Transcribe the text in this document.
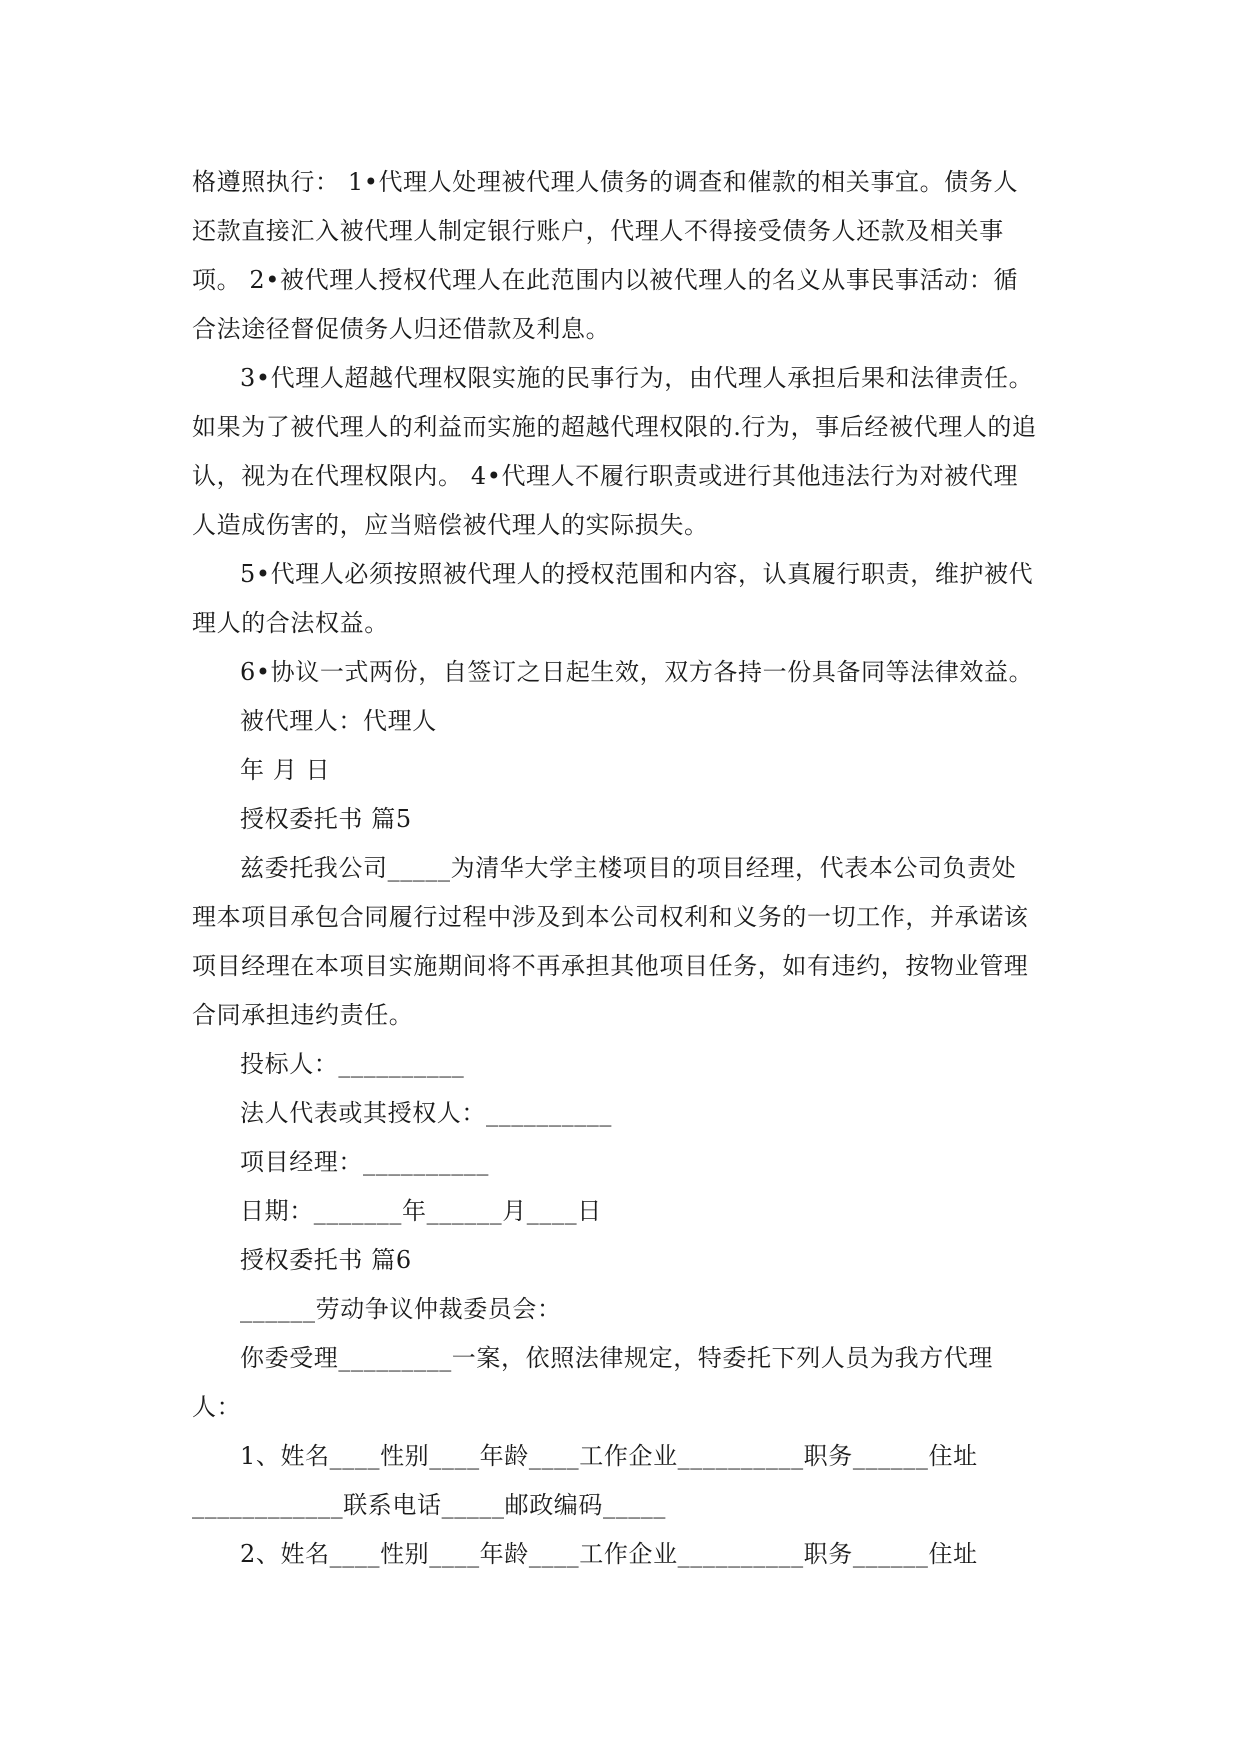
格遵照执行： 1•代理人处理被代理人债务的调查和催款的相关事宜。债务人
还款直接汇入被代理人制定银行账户，代理人不得接受债务人还款及相关事
项。 2•被代理人授权代理人在此范围内以被代理人的名义从事民事活动：循
合法途径督促债务人归还借款及利息。
3•代理人超越代理权限实施的民事行为，由代理人承担后果和法律责任。
如果为了被代理人的利益而实施的超越代理权限的.行为，事后经被代理人的追
认，视为在代理权限内。 4•代理人不履行职责或进行其他违法行为对被代理
人造成伤害的，应当赔偿被代理人的实际损失。
5•代理人必须按照被代理人的授权范围和内容，认真履行职责，维护被代
理人的合法权益。
6•协议一式两份，自签订之日起生效，双方各持一份具备同等法律效益。
被代理人：代理人
年 月 日
授权委托书 篇5
兹委托我公司_____为清华大学主楼项目的项目经理，代表本公司负责处
理本项目承包合同履行过程中涉及到本公司权利和义务的一切工作，并承诺该
项目经理在本项目实施期间将不再承担其他项目任务，如有违约，按物业管理
合同承担违约责任。
投标人：__________
法人代表或其授权人：__________
项目经理：__________
日期：_______年______月____日
授权委托书 篇6
______劳动争议仲裁委员会：
你委受理_________一案，依照法律规定，特委托下列人员为我方代理
人：
1、姓名____性别____年龄____工作企业__________职务______住址
____________联系电话_____邮政编码_____
2、姓名____性别____年龄____工作企业__________职务______住址
